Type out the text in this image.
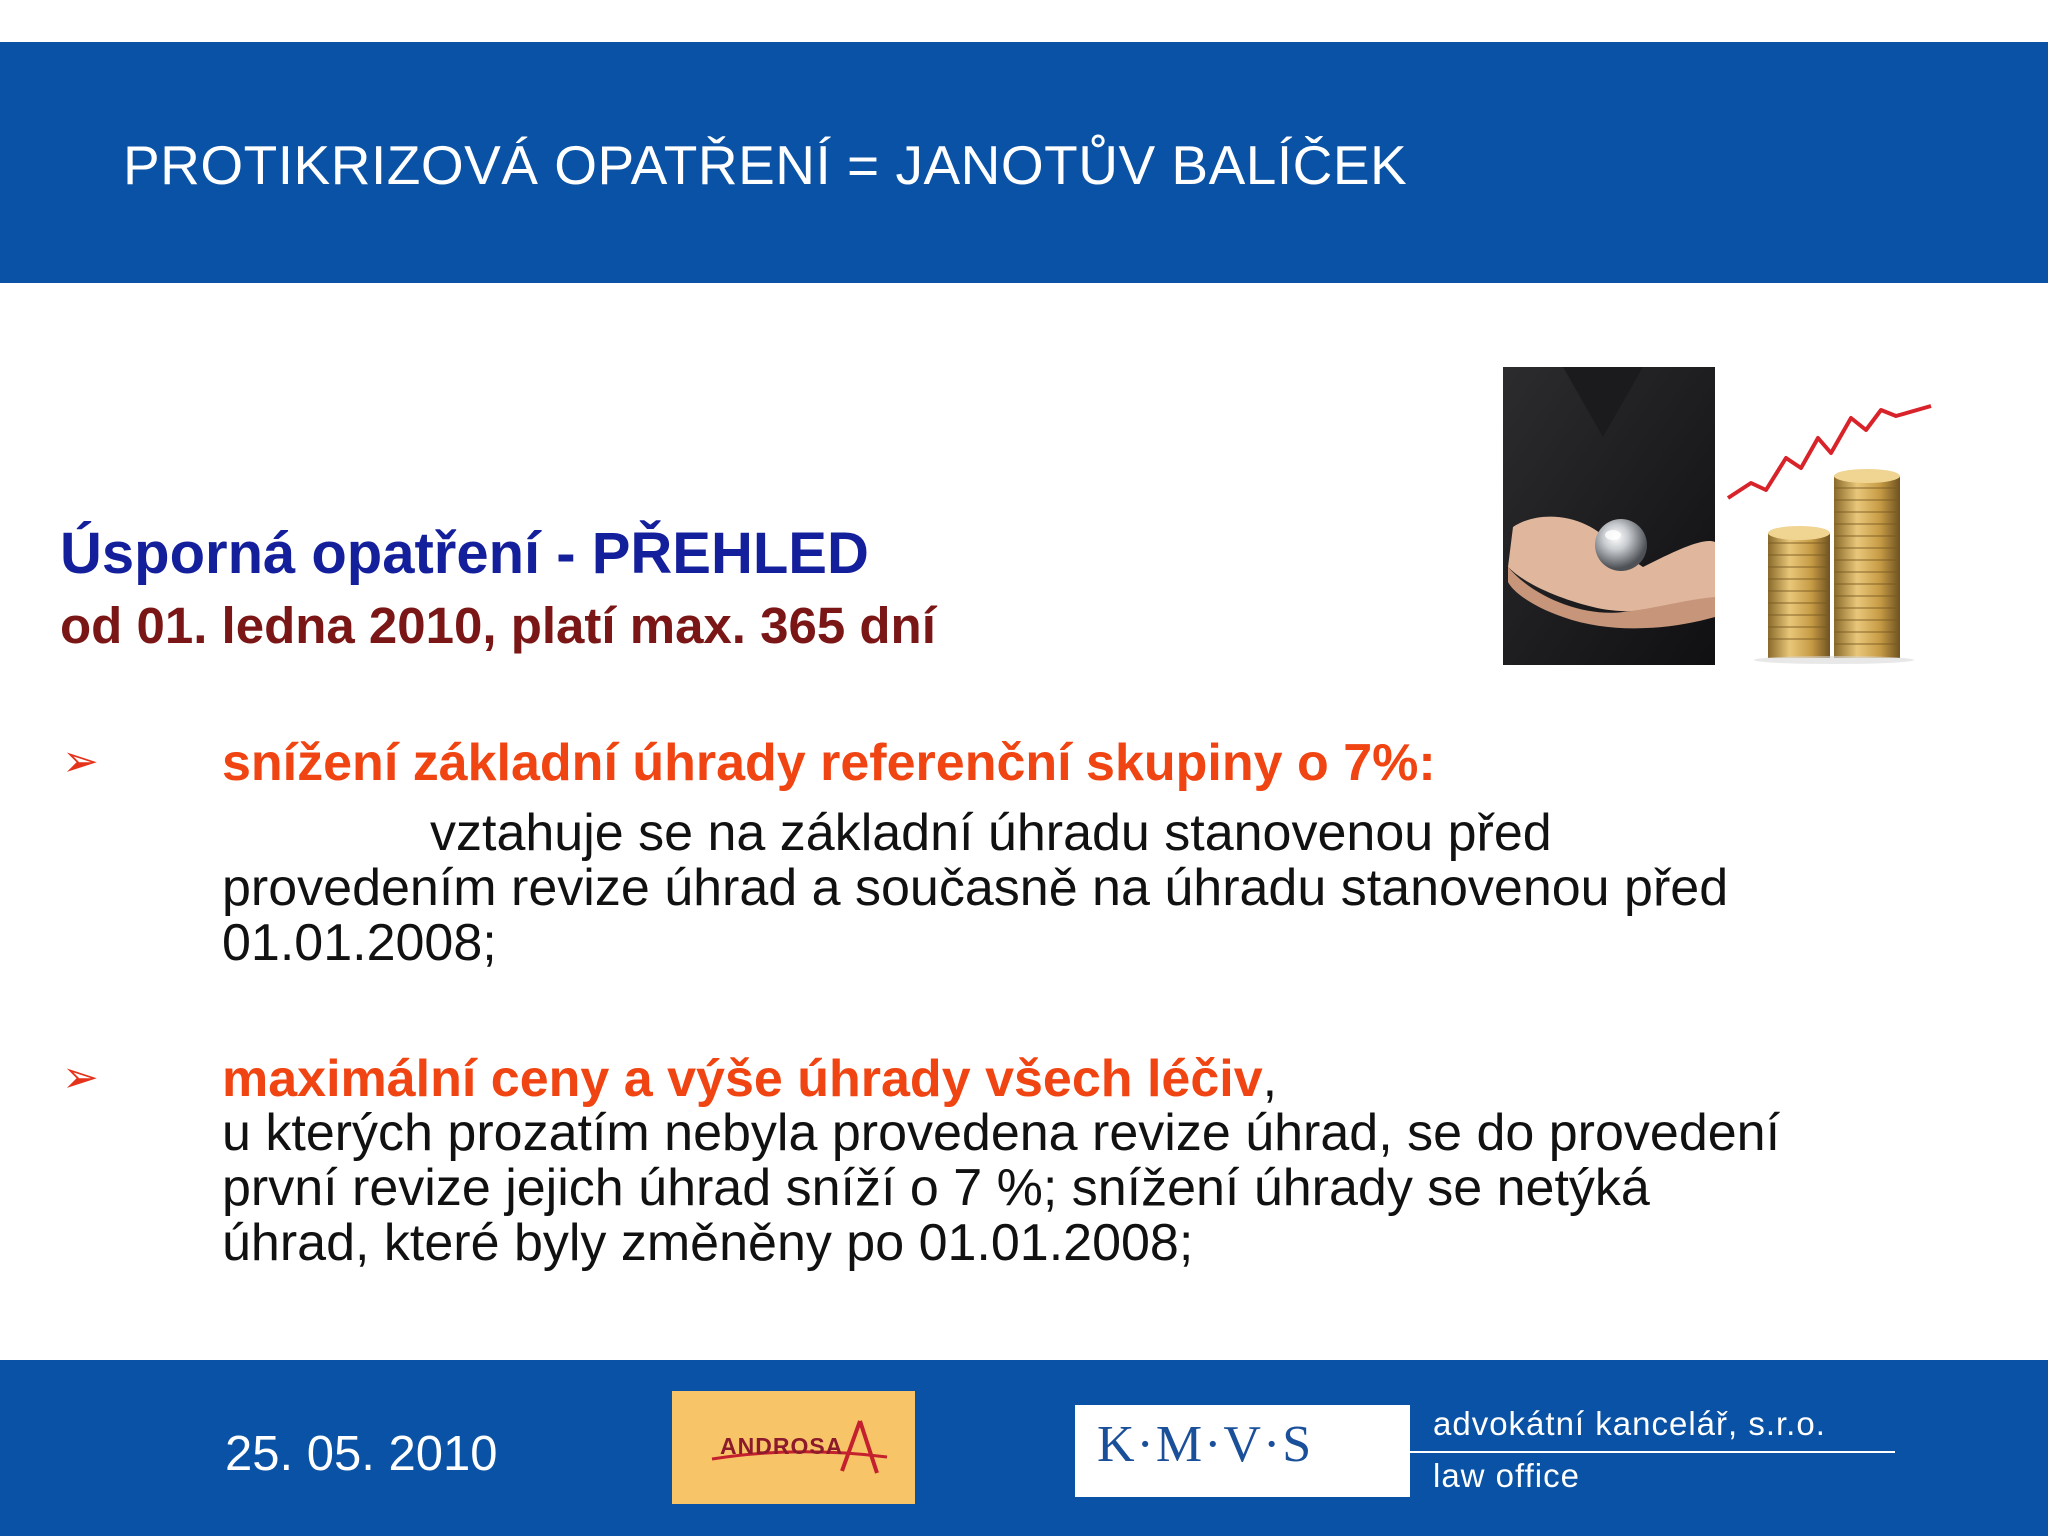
PROTIKRIZOVÁ OPATŘENÍ = JANOTŮV BALÍČEK
Úsporná opatření - PŘEHLED
od 01. ledna 2010, platí max. 365 dní
➢ snížení základní úhrady referenční skupiny o 7%:

vztahuje se na základní úhradu stanovenou před

provedením revize úhrad a současně na úhradu stanovenou před

01.01.2008;

➢ maximální ceny a výše úhrady všech léčiv,

u kterých prozatím nebyla provedena revize úhrad, se do provedení

první revize jejich úhrad sníží o 7 %; snížení úhrady se netýká

úhrad, které byly změněny po 01.01.2008;

25. 05. 2010	ANDROSA	K·M·V·S	advokátní kancelář, s.r.o.
law office
